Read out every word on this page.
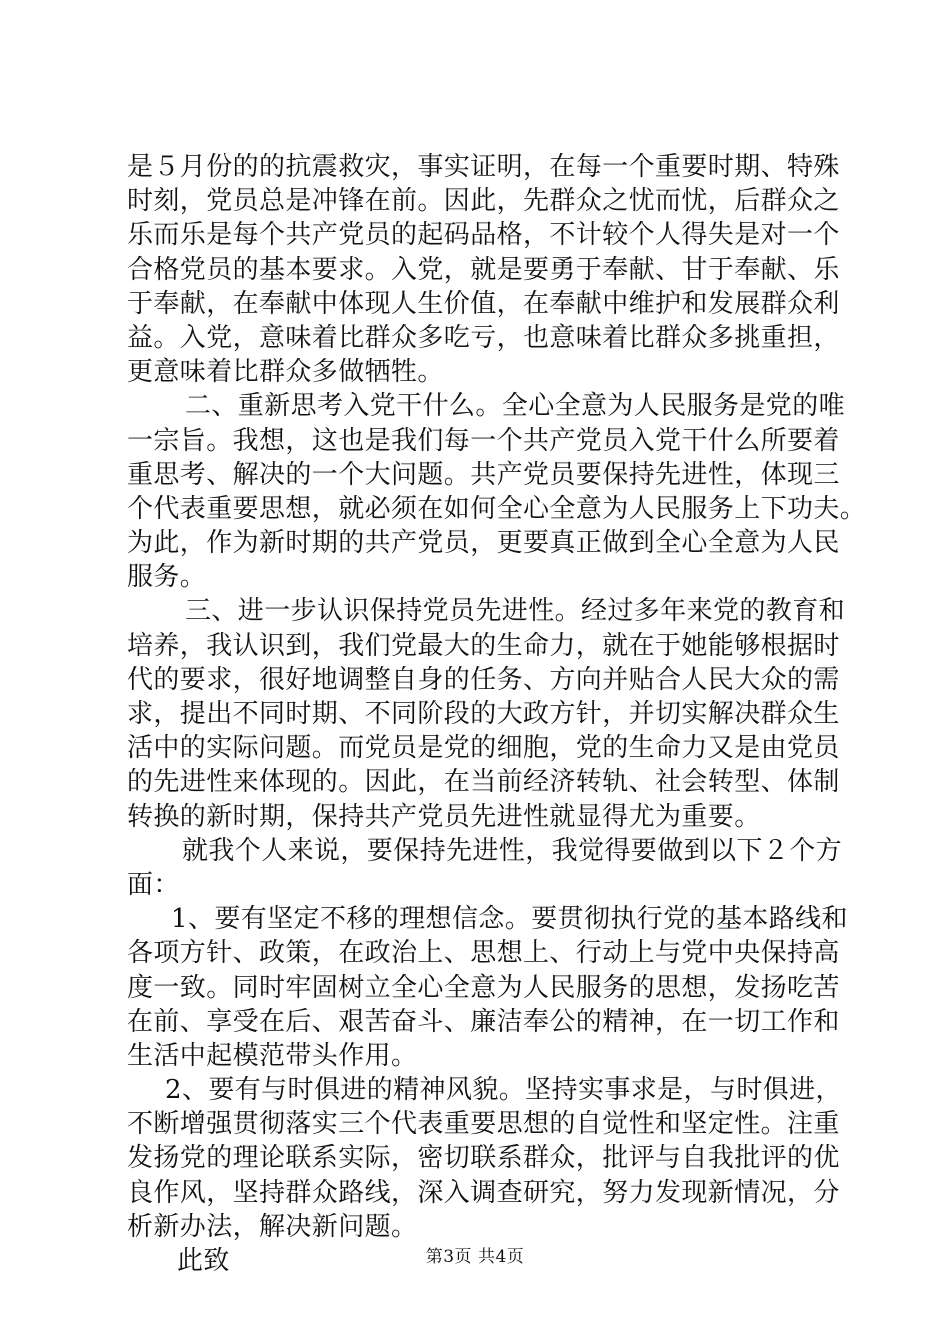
是５月份的的抗震救灾，事实证明，在每一个重要时期、特殊
时刻，党员总是冲锋在前。因此，先群众之忧而忧，后群众之
乐而乐是每个共产党员的起码品格，不计较个人得失是对一个
合格党员的基本要求。入党，就是要勇于奉献、甘于奉献、乐
于奉献，在奉献中体现人生价值，在奉献中维护和发展群众利
益。入党，意味着比群众多吃亏，也意味着比群众多挑重担，
更意味着比群众多做牺牲。
二、重新思考入党干什么。全心全意为人民服务是党的唯
一宗旨。我想，这也是我们每一个共产党员入党干什么所要着
重思考、解决的一个大问题。共产党员要保持先进性，体现三
个代表重要思想，就必须在如何全心全意为人民服务上下功夫。
为此，作为新时期的共产党员，更要真正做到全心全意为人民
服务。
三、进一步认识保持党员先进性。经过多年来党的教育和
培养，我认识到，我们党最大的生命力，就在于她能够根据时
代的要求，很好地调整自身的任务、方向并贴合人民大众的需
求，提出不同时期、不同阶段的大政方针，并切实解决群众生
活中的实际问题。而党员是党的细胞，党的生命力又是由党员
的先进性来体现的。因此，在当前经济转轨、社会转型、体制
转换的新时期，保持共产党员先进性就显得尤为重要。
就我个人来说，要保持先进性，我觉得要做到以下２个方
面：
1、要有坚定不移的理想信念。要贯彻执行党的基本路线和
各项方针、政策，在政治上、思想上、行动上与党中央保持高
度一致。同时牢固树立全心全意为人民服务的思想，发扬吃苦
在前、享受在后、艰苦奋斗、廉洁奉公的精神，在一切工作和
生活中起模范带头作用。
2、要有与时俱进的精神风貌。坚持实事求是，与时俱进，
不断增强贯彻落实三个代表重要思想的自觉性和坚定性。注重
发扬党的理论联系实际，密切联系群众，批评与自我批评的优
良作风，坚持群众路线，深入调查研究，努力发现新情况，分
析新办法，解决新问题。
此致	第3页 共4页
